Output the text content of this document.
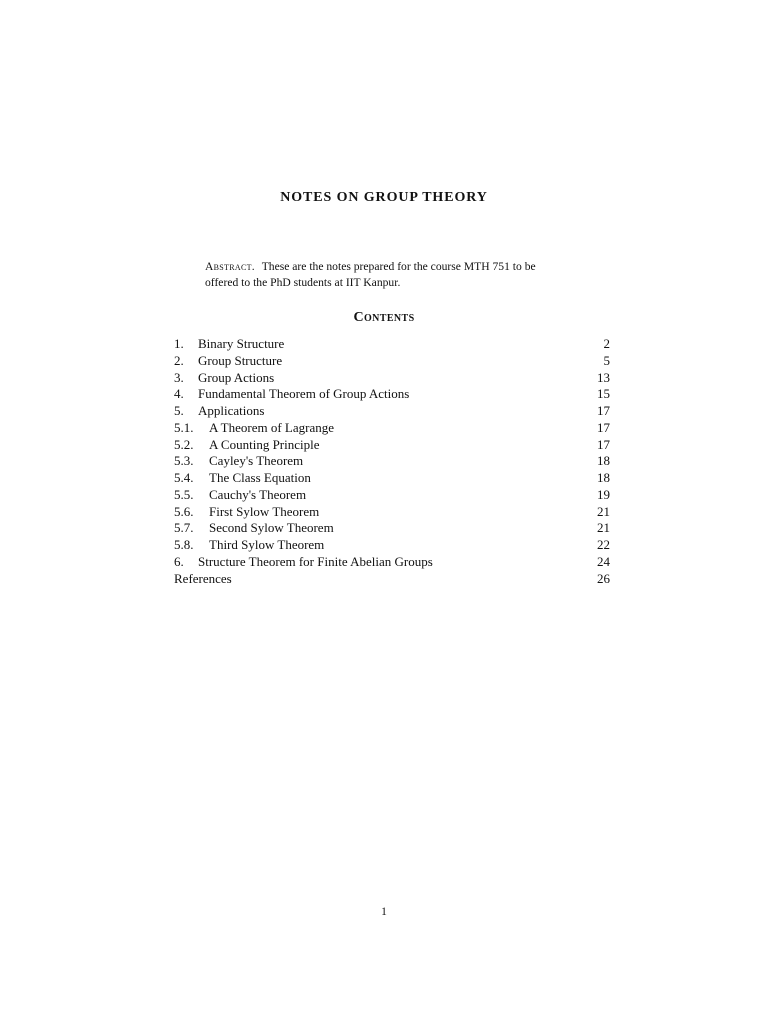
NOTES ON GROUP THEORY

Abstract. These are the notes prepared for the course MTH 751 to be offered to the PhD students at IIT Kanpur.

Contents
1. Binary Structure	2
2. Group Structure	5
3. Group Actions	13
4. Fundamental Theorem of Group Actions	15
5. Applications	17
5.1. A Theorem of Lagrange	17
5.2. A Counting Principle	17
5.3. Cayley's Theorem	18
5.4. The Class Equation	18
5.5. Cauchy's Theorem	19
5.6. First Sylow Theorem	21
5.7. Second Sylow Theorem	21
5.8. Third Sylow Theorem	22
6. Structure Theorem for Finite Abelian Groups	24
References	26

1
